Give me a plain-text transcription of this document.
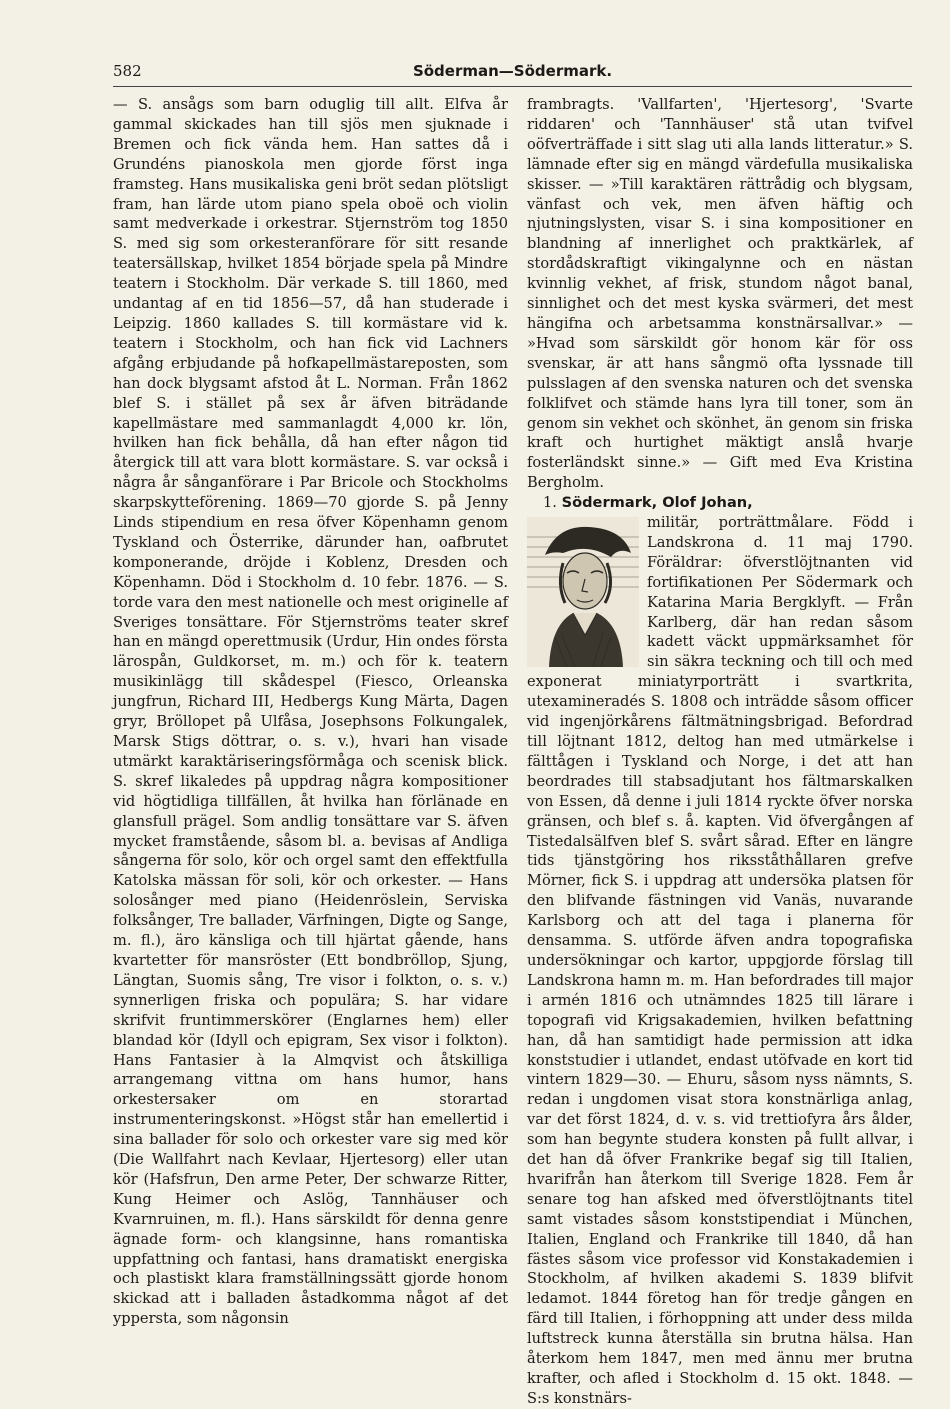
582	Söderman—Södermark.

— S. ansågs som barn oduglig till allt. Elfva år gammal skickades han till sjös men sjuknade i Bremen och fick vända hem. Han sattes då i Grundéns pianoskola men gjorde först inga framsteg. Hans musikaliska geni bröt sedan plötsligt fram, han lärde utom piano spela oboë och violin samt medverkade i orkestrar. Stjernström tog 1850 S. med sig som orkesteranförare för sitt resande teatersällskap, hvilket 1854 började spela på Mindre teatern i Stockholm. Där verkade S. till 1860, med undantag af en tid 1856—57, då han studerade i Leipzig. 1860 kallades S. till kormästare vid k. teatern i Stockholm, och han fick vid Lachners afgång erbjudande på hofkapellmästareposten, som han dock blygsamt afstod åt L. Norman. Från 1862 blef S. i stället på sex år äfven biträdande kapellmästare med sammanlagdt 4,000 kr. lön, hvilken han fick behålla, då han efter någon tid återgick till att vara blott kormästare. S. var också i några år sånganförare i Par Bricole och Stockholms skarpskytteförening. 1869—70 gjorde S. på Jenny Linds stipendium en resa öfver Köpenhamn genom Tyskland och Österrike, därunder han, oafbrutet komponerande, dröjde i Koblenz, Dresden och Köpenhamn. Död i Stockholm d. 10 febr. 1876. — S. torde vara den mest nationelle och mest originelle af Sveriges tonsättare. För Stjernströms teater skref han en mängd operettmusik (Urdur, Hin ondes första lärospån, Guldkorset, m. m.) och för k. teatern musikinlägg till skådespel (Fiesco, Orleanska jungfrun, Richard III, Hedbergs Kung Märta, Dagen gryr, Bröllopet på Ulfåsa, Josephsons Folkungalek, Marsk Stigs döttrar, o. s. v.), hvari han visade utmärkt karaktäriseringsförmåga och scenisk blick. S. skref likaledes på uppdrag några kompositioner vid högtidliga tillfällen, åt hvilka han förlänade en glansfull prägel. Som andlig tonsättare var S. äfven mycket framstående, såsom bl. a. bevisas af Andliga sångerna för solo, kör och orgel samt den effektfulla Katolska mässan för soli, kör och orkester. — Hans solosånger med piano (Heidenröslein, Serviska folksånger, Tre ballader, Värfningen, Digte og Sange, m. fl.), äro känsliga och till hjärtat gående, hans kvartetter för mansröster (Ett bondbröllop, Sjung, Längtan, Suomis sång, Tre visor i folkton, o. s. v.) synnerligen friska och populära; S. har vidare skrifvit fruntimmerskörer (Englarnes hem) eller blandad kör (Idyll och epigram, Sex visor i folkton). Hans Fantasier à la Almqvist och åtskilliga arrangemang vittna om hans humor, hans orkestersaker om en storartad instrumenteringskonst. »Högst står han emellertid i sina ballader för solo och orkester vare sig med kör (Die Wallfahrt nach Kevlaar, Hjertesorg) eller utan kör (Hafsfrun, Den arme Peter, Der schwarze Ritter, Kung Heimer och Aslög, Tannhäuser och Kvarnruinen, m. fl.). Hans särskildt för denna genre ägnade form- och klangsinne, hans romantiska uppfattning och fantasi, hans dramatiskt energiska och plastiskt klara framställningssätt gjorde honom skickad att i balladen åstadkomma något af det yppersta, som någonsin

frambragts. 'Vallfarten', 'Hjertesorg', 'Svarte riddaren' och 'Tannhäuser' stå utan tvifvel oöfverträffade i sitt slag uti alla lands litteratur.» S. lämnade efter sig en mängd värdefulla musikaliska skisser. — »Till karaktären rättrådig och blygsam, vänfast och vek, men äfven häftig och njutningslysten, visar S. i sina kompositioner en blandning af innerlighet och praktkärlek, af stordådskraftigt vikingalynne och en nästan kvinnlig vekhet, af frisk, stundom något banal, sinnlighet och det mest kyska svärmeri, det mest hängifna och arbetsamma konstnärsallvar.» — »Hvad som särskildt gör honom kär för oss svenskar, är att hans sångmö ofta lyssnade till pulsslagen af den svenska naturen och det svenska folklifvet och stämde hans lyra till toner, som än genom sin vekhet och skönhet, än genom sin friska kraft och hurtighet mäktigt anslå hvarje fosterländskt sinne.» — Gift med Eva Kristina Bergholm.

1. Södermark, Olof Johan,

militär, porträttmålare. Född i Landskrona d. 11 maj 1790. Föräldrar: öfverstlöjtnanten vid fortifikationen Per Södermark och Katarina Maria Bergklyft. — Från Karlberg, där han redan såsom kadett väckt uppmärksamhet för sin säkra teckning och till och med exponerat miniatyrporträtt i svartkrita, utexamineradés S. 1808 och inträdde såsom officer vid ingenjörkårens fältmätningsbrigad. Befordrad till löjtnant 1812, deltog han med utmärkelse i fälttågen i Tyskland och Norge, i det att han beordrades till stabsadjutant hos fältmarskalken von Essen, då denne i juli 1814 ryckte öfver norska gränsen, och blef s. å. kapten. Vid öfvergången af Tistedalsälfven blef S. svårt sårad. Efter en längre tids tjänstgöring hos riksståthållaren grefve Mörner, fick S. i uppdrag att undersöka platsen för den blifvande fästningen vid Vanäs, nuvarande Karlsborg och att del taga i planerna för densamma. S. utförde äfven andra topografiska undersökningar och kartor, uppgjorde förslag till Landskrona hamn m. m. Han befordrades till major i armén 1816 och utnämndes 1825 till lärare i topografi vid Krigsakademien, hvilken befattning han, då han samtidigt hade permission att idka konststudier i utlandet, endast utöfvade en kort tid vintern 1829—30. — Ehuru, såsom nyss nämnts, S. redan i ungdomen visat stora konstnärliga anlag, var det först 1824, d. v. s. vid trettiofyra års ålder, som han begynte studera konsten på fullt allvar, i det han då öfver Frankrike begaf sig till Italien, hvarifrån han återkom till Sverige 1828. Fem år senare tog han afsked med öfverstlöjtnants titel samt vistades såsom konststipendiat i München, Italien, England och Frankrike till 1840, då han fästes såsom vice professor vid Konstakademien i Stockholm, af hvilken akademi S. 1839 blifvit ledamot. 1844 företog han för tredje gången en färd till Italien, i förhoppning att under dess milda luftstreck kunna återställa sin brutna hälsa. Han återkom hem 1847, men med ännu mer brutna krafter, och afled i Stockholm d. 15 okt. 1848. — S:s konstnärs-
